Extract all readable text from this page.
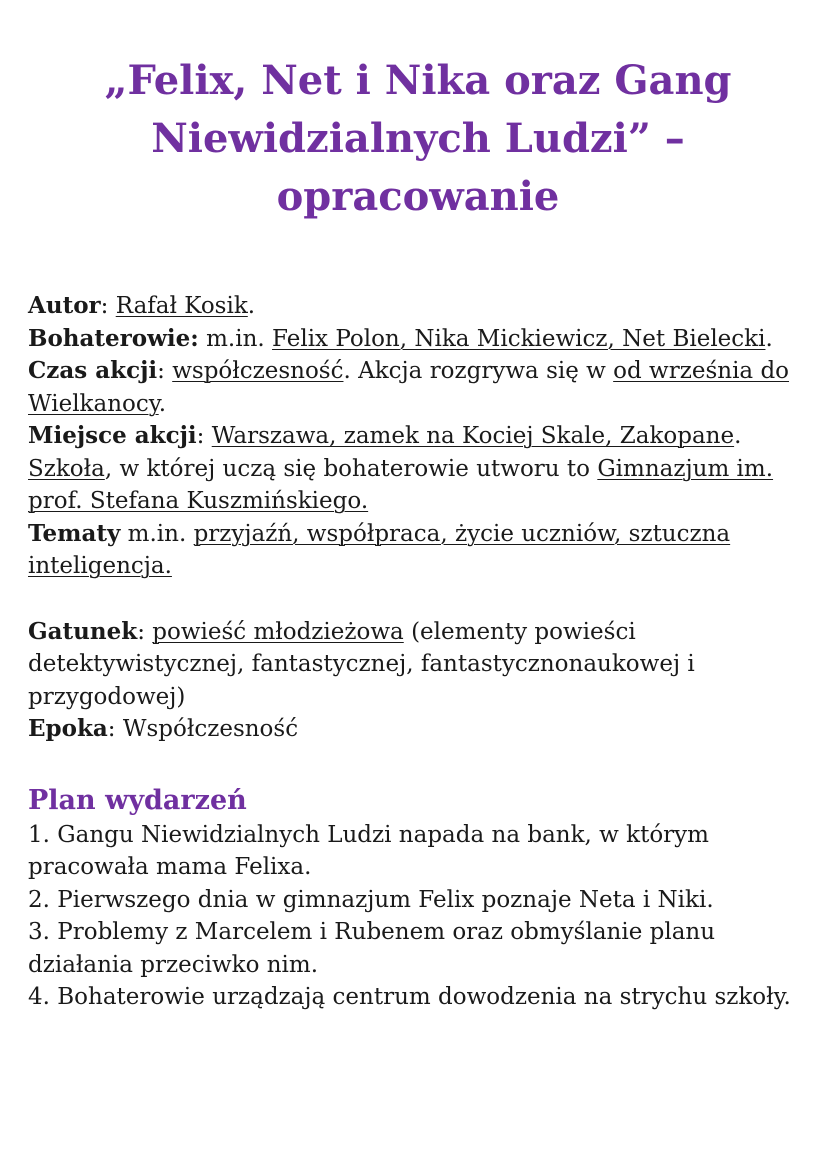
„Felix, Net i Nika oraz Gang Niewidzialnych Ludzi” – opracowanie

Autor: Rafał Kosik.

Bohaterowie: m.in. Felix Polon, Nika Mickiewicz, Net Bielecki.

Czas akcji: współczesność. Akcja rozgrywa się w od września do Wielkanocy.

Miejsce akcji: Warszawa, zamek na Kociej Skale, Zakopane. Szkoła, w której uczą się bohaterowie utworu to Gimnazjum im. prof. Stefana Kuszmińskiego.

Tematy m.in. przyjaźń, współpraca, życie uczniów, sztuczna inteligencja.

Gatunek: powieść młodzieżowa (elementy powieści detektywistycznej, fantastycznej, fantastycznonaukowej i przygodowej)

Epoka: Współczesność

Plan wydarzeń
1. Gangu Niewidzialnych Ludzi napada na bank, w którym pracowała mama Felixa.
2. Pierwszego dnia w gimnazjum Felix poznaje Neta i Niki.
3. Problemy z Marcelem i Rubenem oraz obmyślanie planu działania przeciwko nim.
4. Bohaterowie urządzają centrum dowodzenia na strychu szkoły.
